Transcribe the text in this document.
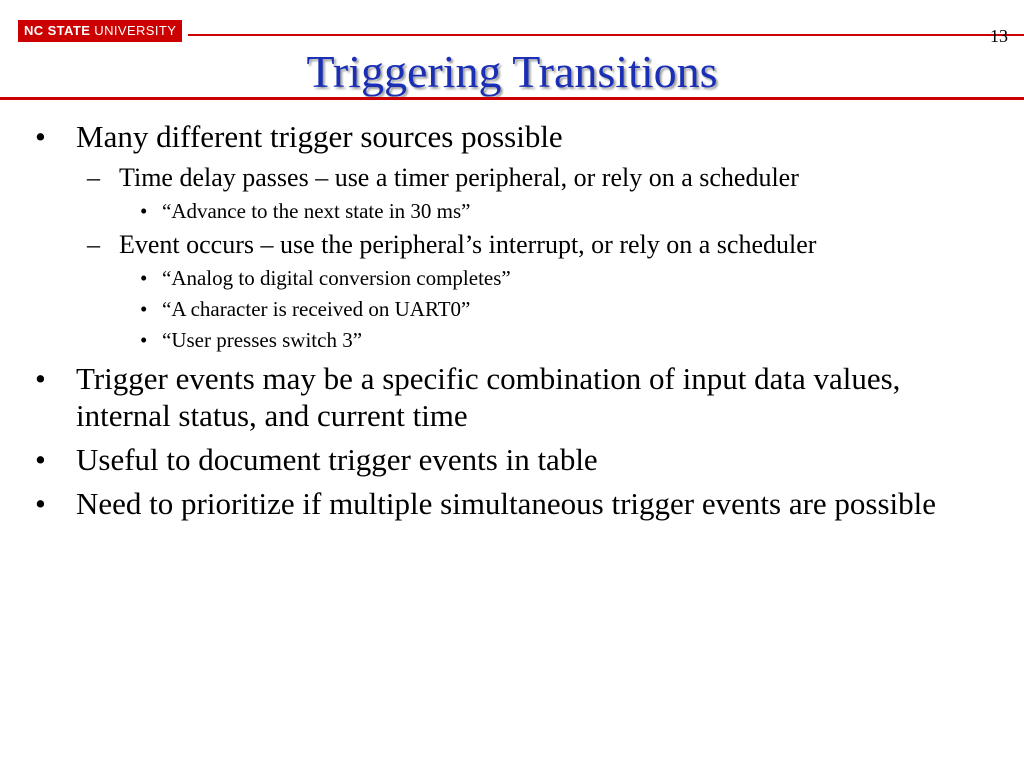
NC STATE UNIVERSITY	13
Triggering Transitions
• Many different trigger sources possible
– Time delay passes – use a timer peripheral, or rely on a scheduler
• “Advance to the next state in 30 ms”
– Event occurs – use the peripheral’s interrupt, or rely on a scheduler
• “Analog to digital conversion completes”
• “A character is received on UART0”
• “User presses switch 3”
• Trigger events may be a specific combination of input data values, internal status, and current time
• Useful to document trigger events in table
• Need to prioritize if multiple simultaneous trigger events are possible
